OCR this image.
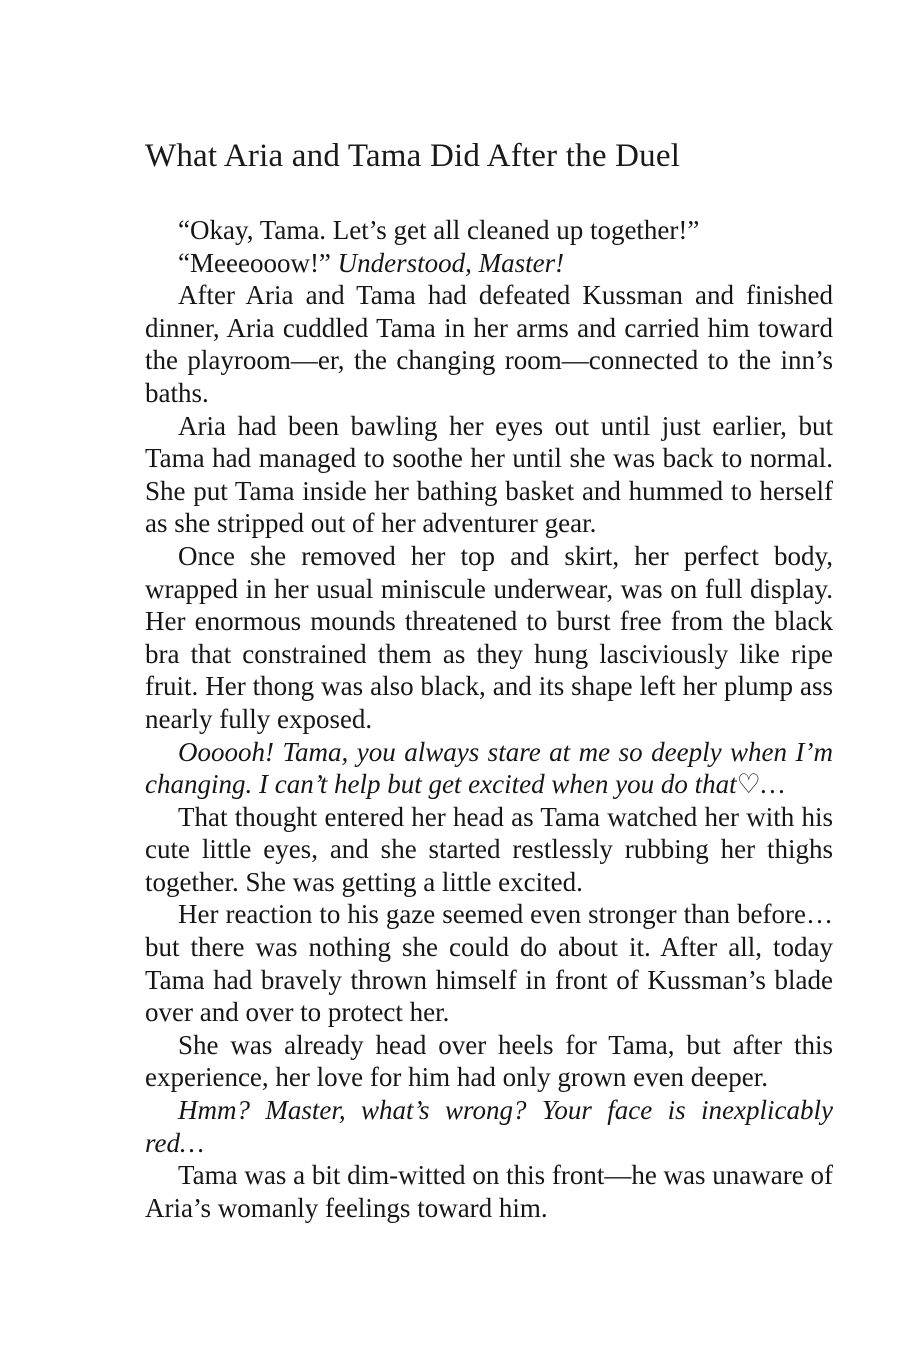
What Aria and Tama Did After the Duel

“Okay, Tama. Let’s get all cleaned up together!”

“Meeeooow!” Understood, Master!

After Aria and Tama had defeated Kussman and finished dinner, Aria cuddled Tama in her arms and carried him toward the playroom—er, the changing room—connected to the inn’s baths.

Aria had been bawling her eyes out until just earlier, but Tama had managed to soothe her until she was back to normal. She put Tama inside her bathing basket and hummed to herself as she stripped out of her adventurer gear.

Once she removed her top and skirt, her perfect body, wrapped in her usual miniscule underwear, was on full display. Her enormous mounds threatened to burst free from the black bra that constrained them as they hung lasciviously like ripe fruit. Her thong was also black, and its shape left her plump ass nearly fully exposed.

Oooooh! Tama, you always stare at me so deeply when I’m changing. I can’t help but get excited when you do that♡…

That thought entered her head as Tama watched her with his cute little eyes, and she started restlessly rubbing her thighs together. She was getting a little excited.

Her reaction to his gaze seemed even stronger than before…but there was nothing she could do about it. After all, today Tama had bravely thrown himself in front of Kussman’s blade over and over to protect her.

She was already head over heels for Tama, but after this experience, her love for him had only grown even deeper.

Hmm? Master, what’s wrong? Your face is inexplicably red…

Tama was a bit dim-witted on this front—he was unaware of Aria’s womanly feelings toward him.
